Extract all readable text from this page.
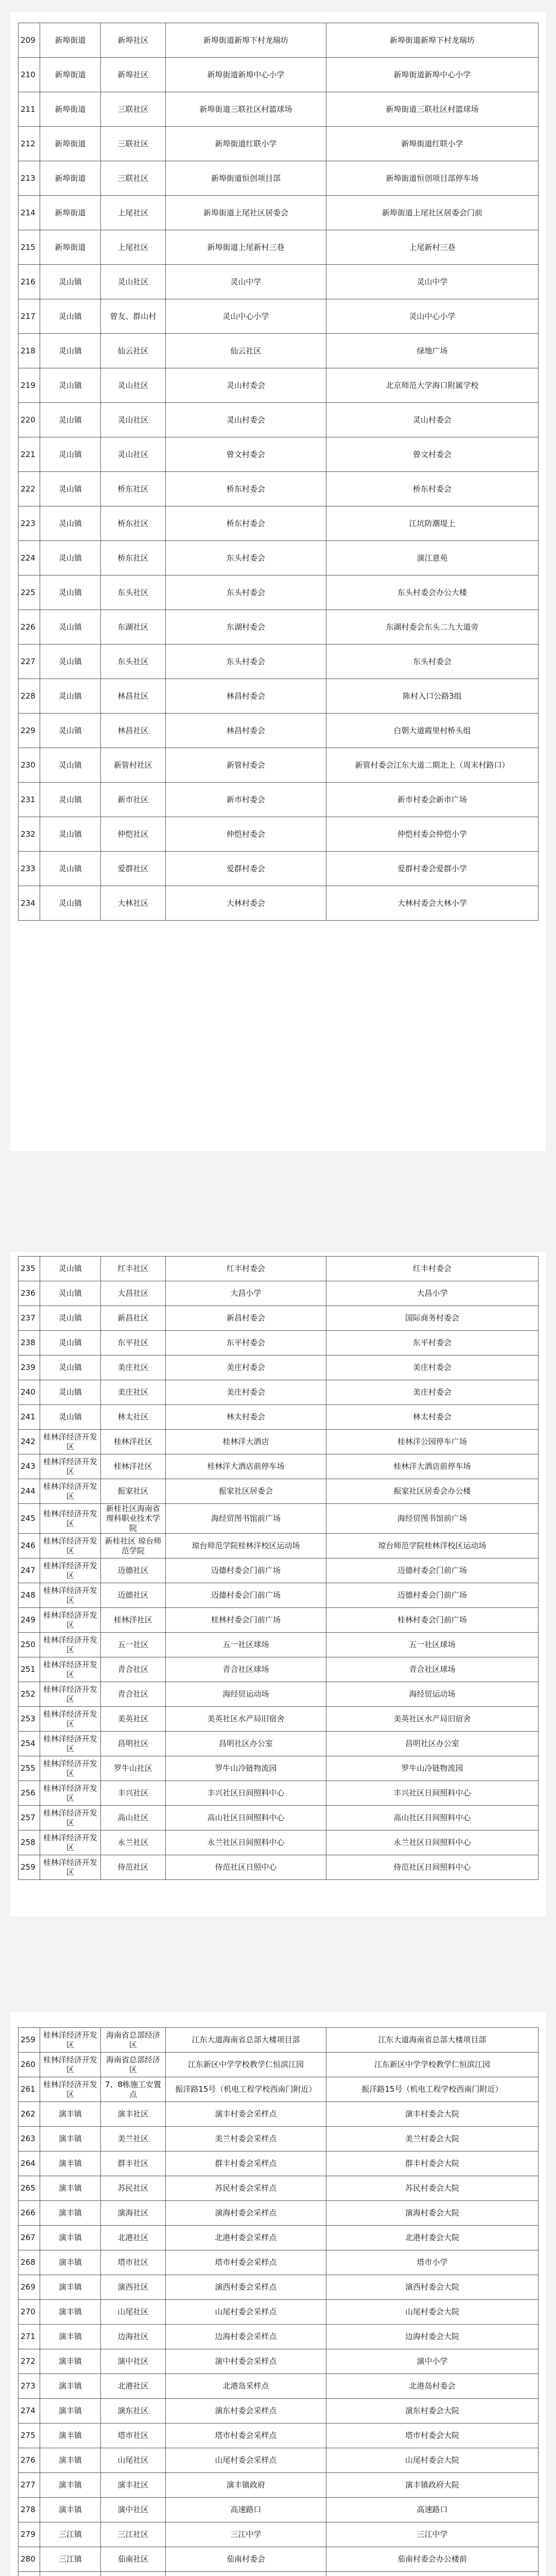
209	新埠街道	新埠社区	新埠街道新埠下村龙瑞坊	新埠街道新埠下村龙瑞坊
210	新埠街道	新埠社区	新埠街道新埠中心小学	新埠街道新埠中心小学
211	新埠街道	三联社区	新埠街道三联社区村篮球场	新埠街道三联社区村篮球场
212	新埠街道	三联社区	新埠街道红联小学	新埠街道红联小学
213	新埠街道	三联社区	新埠街道恒创项目部	新埠街道恒创项目部停车场
214	新埠街道	上尾社区	新埠街道上尾社区居委会	新埠街道上尾社区居委会门前
215	新埠街道	上尾社区	新埠街道上尾新村三巷	上尾新村三巷
216	灵山镇	灵山社区	灵山中学	灵山中学
217	灵山镇	曾友、群山村	灵山中心小学	灵山中心小学
218	灵山镇	仙云社区	仙云社区	绿地广场
219	灵山镇	灵山社区	灵山村委会	北京师范大学海口附属学校
220	灵山镇	灵山社区	灵山村委会	灵山村委会
221	灵山镇	灵山社区	曾文村委会	曾文村委会
222	灵山镇	桥东社区	桥东村委会	桥东村委会
223	灵山镇	桥东社区	桥东村委会	江坑防潮堤上
224	灵山镇	桥东社区	东头村委会	演江意苑
225	灵山镇	东头社区	东头村委会	东头村委会办公大楼
226	灵山镇	东湖社区	东湖村委会	东湖村委会东头二九大道旁
227	灵山镇	东头社区	东头村委会	东头村委会
228	灵山镇	林昌社区	林昌村委会	陈村入口公路3组
229	灵山镇	林昌社区	林昌村委会	白朝大道霞里村桥头组
230	灵山镇	新管村社区	新管村委会	新管村委会江东大道二期北上（周末村路口）
231	灵山镇	新市社区	新市村委会	新市村委会新市广场
232	灵山镇	仲恺社区	仲恺村委会	仲恺村委会仲恺小学
233	灵山镇	爱群社区	爱群村委会	爱群村委会爱群小学
234	灵山镇	大林社区	大林村委会	大林村委会大林小学
235	灵山镇	红丰社区	红丰村委会	红丰村委会
236	灵山镇	大昌社区	大昌小学	大昌小学
237	灵山镇	新昌社区	新昌村委会	国际商务村委会
238	灵山镇	东平社区	东平村委会	东平村委会
239	灵山镇	美庄社区	美庄村委会	美庄村委会
240	灵山镇	美庄社区	美庄村委会	美庄村委会
241	灵山镇	林太社区	林太村委会	林太村委会
242	桂林洋经济开发区	桂林洋社区	桂林洋大酒店	桂林洋公园停车广场
243	桂林洋经济开发区	桂林洋社区	桂林洋大酒店前停车场	桂林洋大酒店前停车场
244	桂林洋经济开发区	振家社区	振家社区居委会	振家社区居委会办公楼
245	桂林洋经济开发区	新桂社区海南省理科职业技术学院	海经贸图书馆前广场	海经贸图书馆前广场
246	桂林洋经济开发区	新桂社区 琼台师范学院	琼台师范学院桂林洋校区运动场	琼台师范学院桂林洋校区运动场
247	桂林洋经济开发区	迈德社区	迈德村委会门前广场	迈德村委会门前广场
248	桂林洋经济开发区	迈德社区	迈德村委会门前广场	迈德村委会门前广场
249	桂林洋经济开发区	桂林洋社区	桂林村委会门前广场	桂林村委会门前广场
250	桂林洋经济开发区	五一社区	五一社区球场	五一社区球场
251	桂林洋经济开发区	青合社区	青合社区球场	青合社区球场
252	桂林洋经济开发区	青合社区	海经贸运动场	海经贸运动场
253	桂林洋经济开发区	美英社区	美英社区水产局旧宿舍	美英社区水产局旧宿舍
254	桂林洋经济开发区	昌明社区	昌明社区办公室	昌明社区办公室
255	桂林洋经济开发区	罗牛山社区	罗牛山冷链物流园	罗牛山冷链物流园
256	桂林洋经济开发区	丰兴社区	丰兴社区日间照料中心	丰兴社区日间照料中心
257	桂林洋经济开发区	高山社区	高山社区日间照料中心	高山社区日间照料中心
258	桂林洋经济开发区	永兰社区	永兰社区日间照料中心	永兰社区日间照料中心
259	桂林洋经济开发区	侍范社区	侍范社区日照中心	侍范社区日间照料中心
259	桂林洋经济开发区	海南省总部经济区	江东大道海南省总部大楼项目部	江东大道海南省总部大楼项目部
260	桂林洋经济开发区	海南省总部经济区	江东新区中学学校教学仁恒滨江园	江东新区中学学校教学仁恒滨江园
261	桂林洋经济开发区	7、8栋施工安置点	振洋路15号（机电工程学校西南门附近）	振洋路15号（机电工程学校西南门附近）
262	演丰镇	演丰社区	演丰村委会采样点	演丰村委会大院
263	演丰镇	美兰社区	美兰村委会采样点	美兰村委会大院
264	演丰镇	群丰社区	群丰村委会采样点	群丰村委会大院
265	演丰镇	苏民社区	苏民村委会采样点	苏民村委会大院
266	演丰镇	演海社区	演海村委会采样点	演海村委会大院
267	演丰镇	北港社区	北港村委会采样点	北港村委会大院
268	演丰镇	塔市社区	塔市村委会采样点	塔市小学
269	演丰镇	演西社区	演西村委会采样点	演西村委会大院
270	演丰镇	山尾社区	山尾村委会采样点	山尾村委会大院
271	演丰镇	边海社区	边海村委会采样点	边海村委会大院
272	演丰镇	演中社区	演中村委会采样点	演中小学
273	演丰镇	北港社区	北港岛采样点	北港岛村委会
274	演丰镇	演东社区	演东村委会采样点	演东村委会大院
275	演丰镇	塔市社区	塔市村委会采样点	塔市村委会大院
276	演丰镇	山尾社区	山尾村委会采样点	山尾村委会大院
277	演丰镇	演丰社区	演丰镇政府	演丰镇政府大院
278	演丰镇	演中社区	高速路口	高速路口
279	三江镇	三江社区	三江中学	三江中学
280	三江镇	茄南社区	茄南村委会	茄南村委会办公楼前
